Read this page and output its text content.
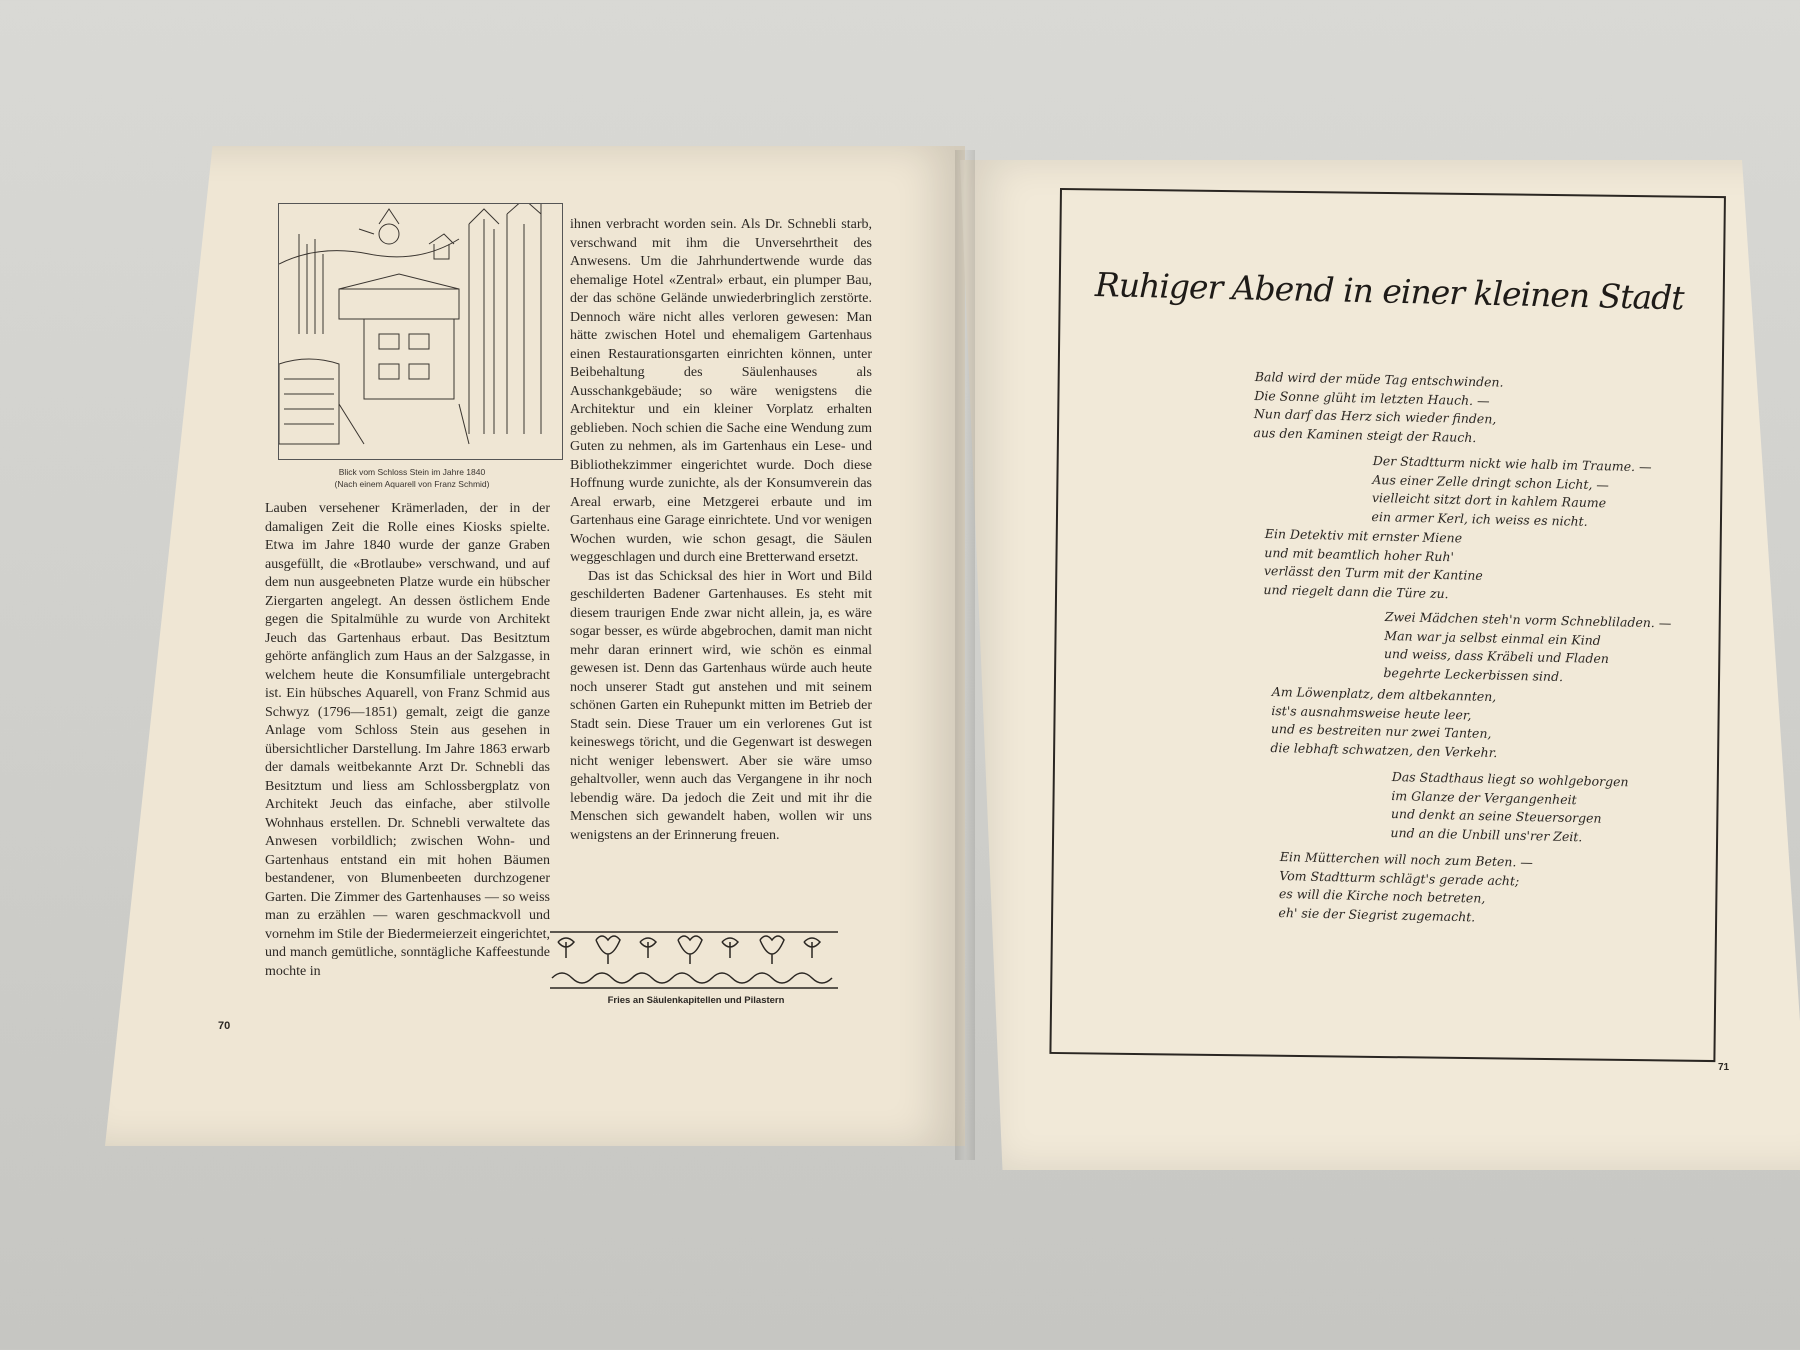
Blick vom Schloss Stein im Jahre 1840
(Nach einem Aquarell von Franz Schmid)

Lauben versehener Krämerladen, der in der damaligen Zeit die Rolle eines Kiosks spielte. Etwa im Jahre 1840 wurde der ganze Graben ausgefüllt, die «Brotlaube» verschwand, und auf dem nun ausgeebneten Platze wurde ein hübscher Ziergarten angelegt. An dessen östlichem Ende gegen die Spitalmühle zu wurde von Architekt Jeuch das Gartenhaus erbaut. Das Besitztum gehörte anfänglich zum Haus an der Salzgasse, in welchem heute die Konsumfiliale untergebracht ist. Ein hübsches Aquarell, von Franz Schmid aus Schwyz (1796—1851) gemalt, zeigt die ganze Anlage vom Schloss Stein aus gesehen in übersichtlicher Darstellung. Im Jahre 1863 erwarb der damals weitbekannte Arzt Dr. Schnebli das Besitztum und liess am Schlossbergplatz von Architekt Jeuch das einfache, aber stilvolle Wohnhaus erstellen. Dr. Schnebli verwaltete das Anwesen vorbildlich; zwischen Wohn- und Gartenhaus entstand ein mit hohen Bäumen bestandener, von Blumenbeeten durchzogener Garten. Die Zimmer des Gartenhauses — so weiss man zu erzählen — waren geschmackvoll und vornehm im Stile der Biedermeierzeit eingerichtet, und manch gemütliche, sonntägliche Kaffeestunde mochte in

ihnen verbracht worden sein. Als Dr. Schnebli starb, verschwand mit ihm die Unversehrtheit des Anwesens. Um die Jahrhundertwende wurde das ehemalige Hotel «Zentral» erbaut, ein plumper Bau, der das schöne Gelände unwiederbringlich zerstörte. Dennoch wäre nicht alles verloren gewesen: Man hätte zwischen Hotel und ehemaligem Gartenhaus einen Restaurationsgarten einrichten können, unter Beibehaltung des Säulenhauses als Ausschankgebäude; so wäre wenigstens die Architektur und ein kleiner Vorplatz erhalten geblieben. Noch schien die Sache eine Wendung zum Guten zu nehmen, als im Gartenhaus ein Lese- und Bibliothekzimmer eingerichtet wurde. Doch diese Hoffnung wurde zunichte, als der Konsumverein das Areal erwarb, eine Metzgerei erbaute und im Gartenhaus eine Garage einrichtete. Und vor wenigen Wochen wurden, wie schon gesagt, die Säulen weggeschlagen und durch eine Bretterwand ersetzt.

Das ist das Schicksal des hier in Wort und Bild geschilderten Badener Gartenhauses. Es steht mit diesem traurigen Ende zwar nicht allein, ja, es wäre sogar besser, es würde abgebrochen, damit man nicht mehr daran erinnert wird, wie schön es einmal gewesen ist. Denn das Gartenhaus würde auch heute noch unserer Stadt gut anstehen und mit seinem schönen Garten ein Ruhepunkt mitten im Betrieb der Stadt sein. Diese Trauer um ein verlorenes Gut ist keineswegs töricht, und die Gegenwart ist deswegen nicht weniger lebenswert. Aber sie wäre umso gehaltvoller, wenn auch das Vergangene in ihr noch lebendig wäre. Da jedoch die Zeit und mit ihr die Menschen sich gewandelt haben, wollen wir uns wenigstens an der Erinnerung freuen.

Fries an Säulenkapitellen und Pilastern
70
Ruhiger Abend in einer kleinen Stadt
Bald wird der müde Tag entschwinden.
Die Sonne glüht im letzten Hauch. —
Nun darf das Herz sich wieder finden,
aus den Kaminen steigt der Rauch.
Der Stadtturm nickt wie halb im Traume. —
Aus einer Zelle dringt schon Licht, —
vielleicht sitzt dort in kahlem Raume
ein armer Kerl, ich weiss es nicht.
Ein Detektiv mit ernster Miene
und mit beamtlich hoher Ruh'
verlässt den Turm mit der Kantine
und riegelt dann die Türe zu.
Zwei Mädchen steh'n vorm Schnebliladen. —
Man war ja selbst einmal ein Kind
und weiss, dass Kräbeli und Fladen
begehrte Leckerbissen sind.
Am Löwenplatz, dem altbekannten,
ist's ausnahmsweise heute leer,
und es bestreiten nur zwei Tanten,
die lebhaft schwatzen, den Verkehr.
Das Stadthaus liegt so wohlgeborgen
im Glanze der Vergangenheit
und denkt an seine Steuersorgen
und an die Unbill uns'rer Zeit.
Ein Mütterchen will noch zum Beten. —
Vom Stadtturm schlägt's gerade acht;
es will die Kirche noch betreten,
eh' sie der Siegrist zugemacht.
71
